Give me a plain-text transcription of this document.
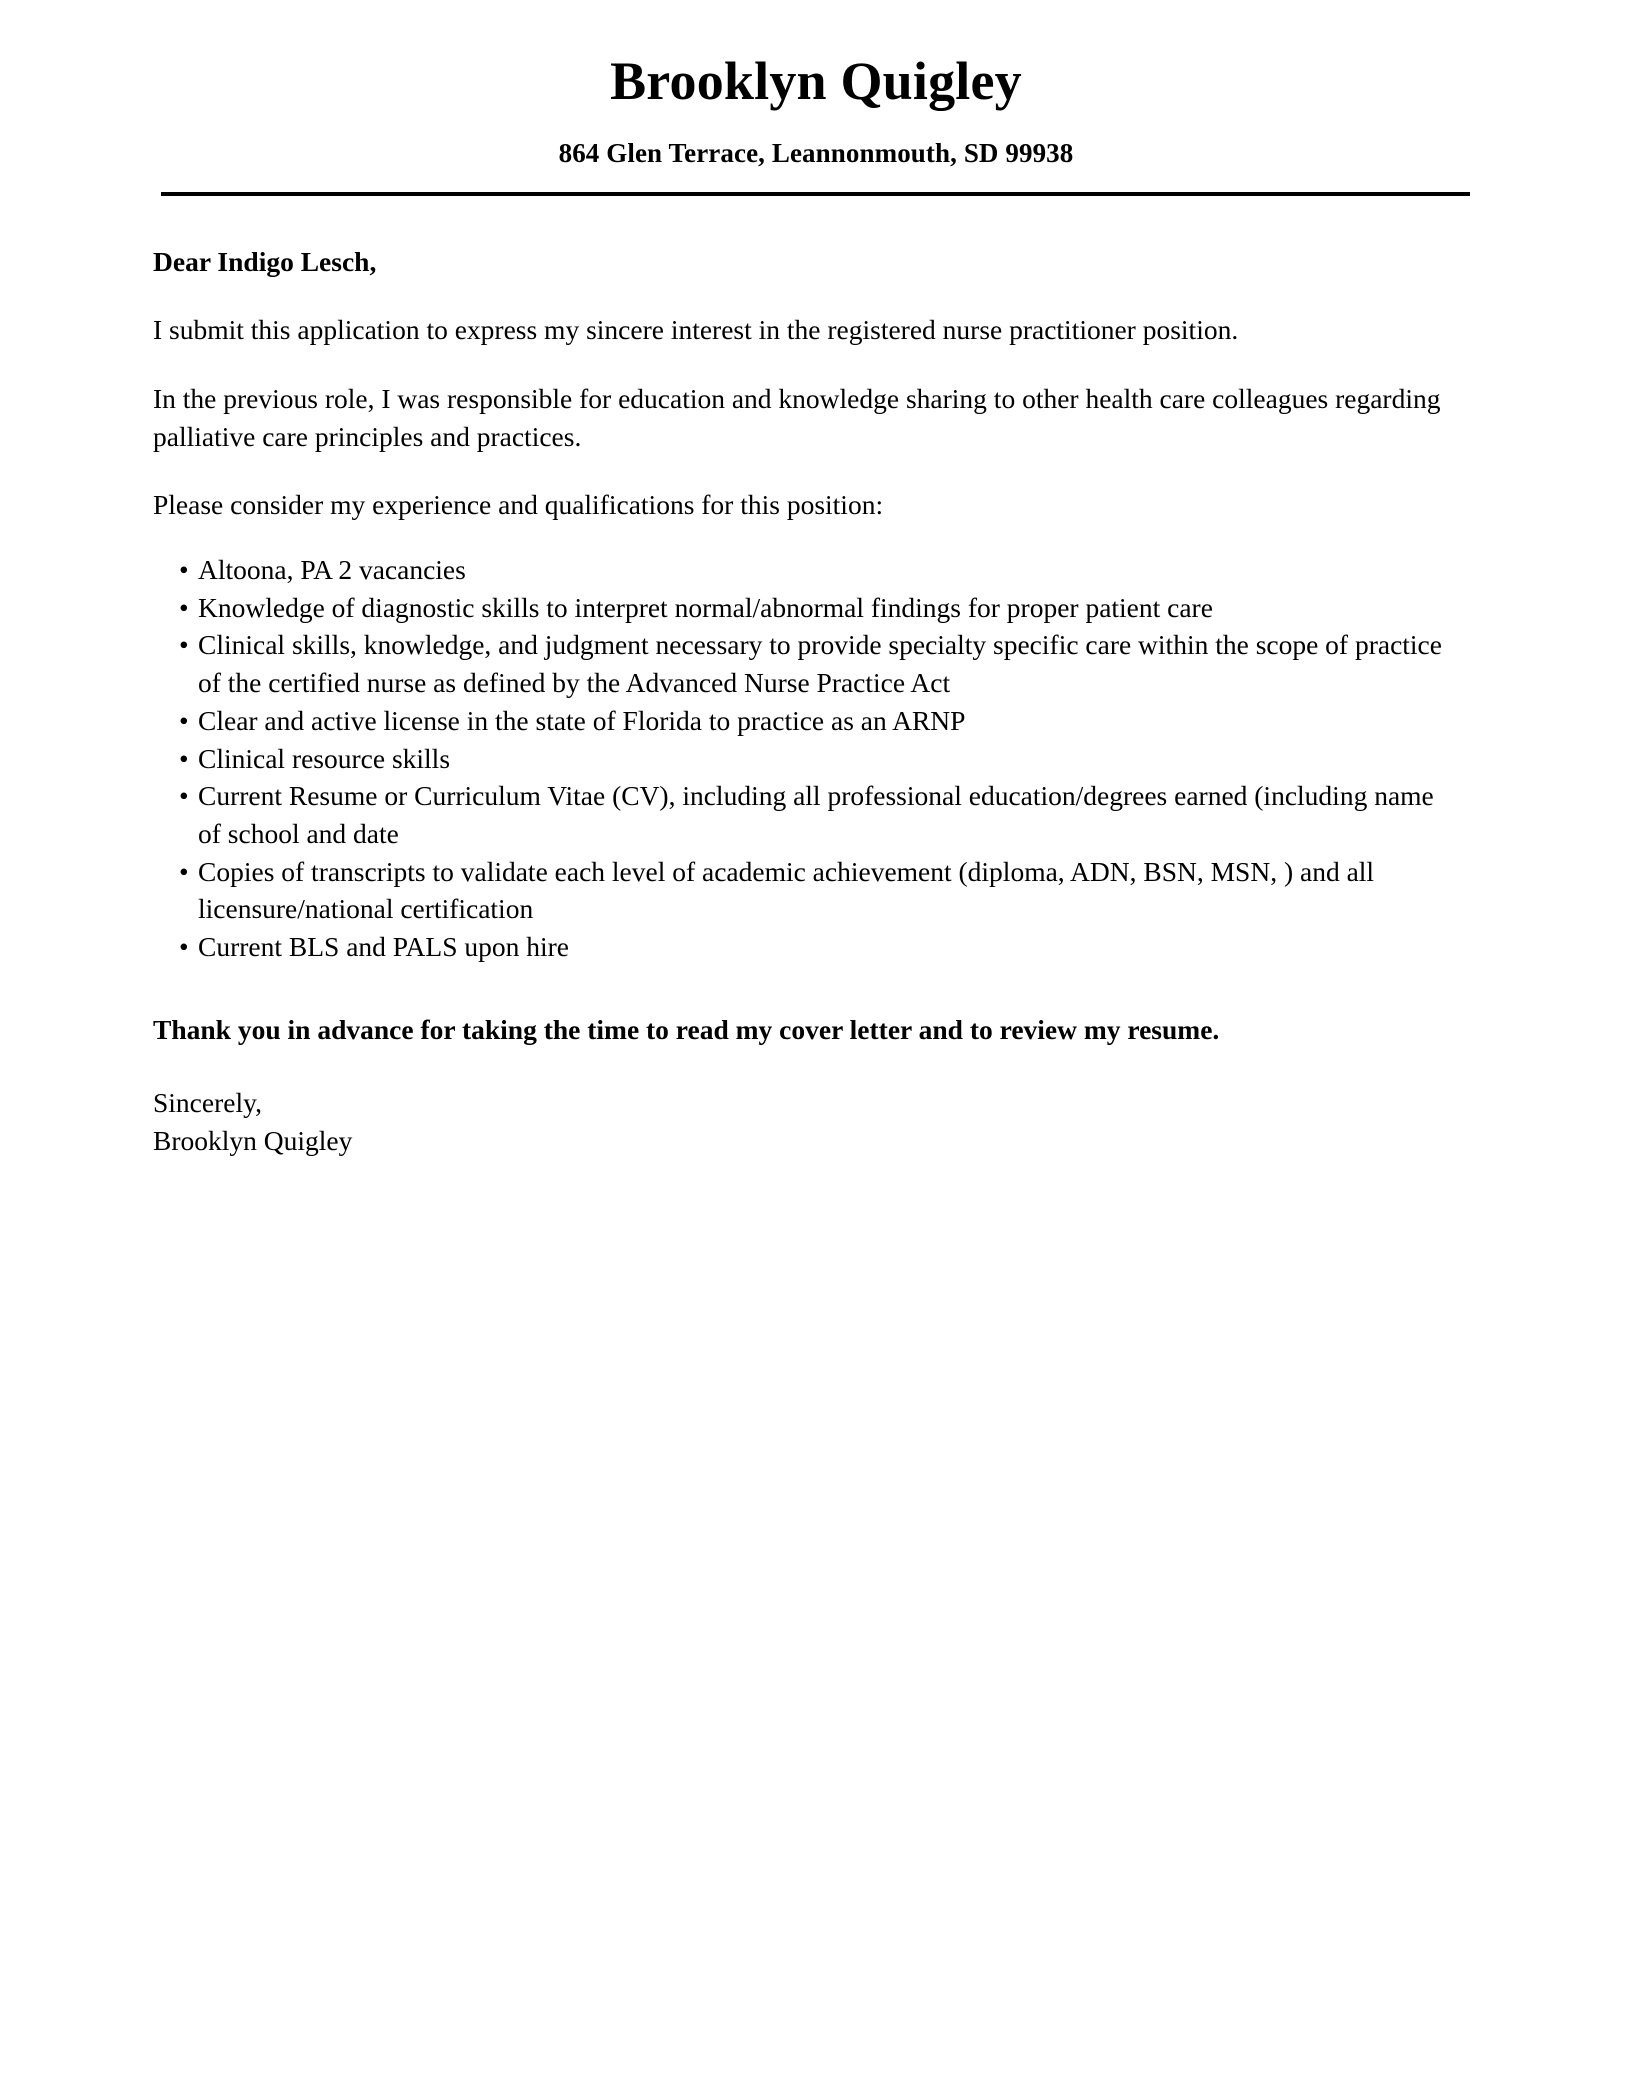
Brooklyn Quigley
864 Glen Terrace, Leannonmouth, SD 99938

Dear Indigo Lesch,

I submit this application to express my sincere interest in the registered nurse practitioner position.

In the previous role, I was responsible for education and knowledge sharing to other health care colleagues regarding palliative care principles and practices.

Please consider my experience and qualifications for this position:

• Altoona, PA 2 vacancies
• Knowledge of diagnostic skills to interpret normal/abnormal findings for proper patient care
• Clinical skills, knowledge, and judgment necessary to provide specialty specific care within the scope of practice of the certified nurse as defined by the Advanced Nurse Practice Act
• Clear and active license in the state of Florida to practice as an ARNP
• Clinical resource skills
• Current Resume or Curriculum Vitae (CV), including all professional education/degrees earned (including name of school and date
• Copies of transcripts to validate each level of academic achievement (diploma, ADN, BSN, MSN, ) and all licensure/national certification
• Current BLS and PALS upon hire

Thank you in advance for taking the time to read my cover letter and to review my resume.

Sincerely,
Brooklyn Quigley
